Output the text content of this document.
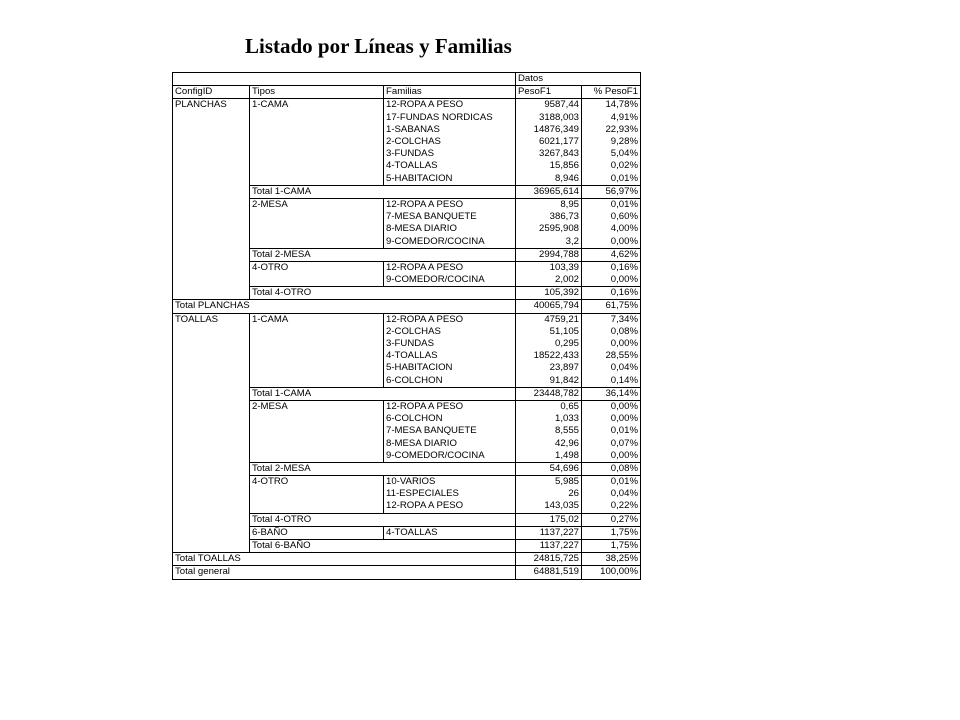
Listado por Líneas y Familias
			Datos	
ConfigID	Tipos	Familias	PesoF1	% PesoF1
PLANCHAS	1-CAMA	12-ROPA A PESO	9587,44	14,78%
		17-FUNDAS NORDICAS	3188,003	4,91%
		1-SABANAS	14876,349	22,93%
		2-COLCHAS	6021,177	9,28%
		3-FUNDAS	3267,843	5,04%
		4-TOALLAS	15,856	0,02%
		5-HABITACION	8,946	0,01%
	Total 1-CAMA		36965,614	56,97%
	2-MESA	12-ROPA A PESO	8,95	0,01%
		7-MESA BANQUETE	386,73	0,60%
		8-MESA DIARIO	2595,908	4,00%
		9-COMEDOR/COCINA	3,2	0,00%
	Total 2-MESA		2994,788	4,62%
	4-OTRO	12-ROPA A PESO	103,39	0,16%
		9-COMEDOR/COCINA	2,002	0,00%
	Total 4-OTRO		105,392	0,16%
Total PLANCHAS			40065,794	61,75%
TOALLAS	1-CAMA	12-ROPA A PESO	4759,21	7,34%
		2-COLCHAS	51,105	0,08%
		3-FUNDAS	0,295	0,00%
		4-TOALLAS	18522,433	28,55%
		5-HABITACION	23,897	0,04%
		6-COLCHON	91,842	0,14%
	Total 1-CAMA		23448,782	36,14%
	2-MESA	12-ROPA A PESO	0,65	0,00%
		6-COLCHON	1,033	0,00%
		7-MESA BANQUETE	8,555	0,01%
		8-MESA DIARIO	42,96	0,07%
		9-COMEDOR/COCINA	1,498	0,00%
	Total 2-MESA		54,696	0,08%
	4-OTRO	10-VARIOS	5,985	0,01%
		11-ESPECIALES	26	0,04%
		12-ROPA A PESO	143,035	0,22%
	Total 4-OTRO		175,02	0,27%
	6-BAÑO	4-TOALLAS	1137,227	1,75%
	Total 6-BAÑO		1137,227	1,75%
Total TOALLAS			24815,725	38,25%
Total general			64881,519	100,00%
